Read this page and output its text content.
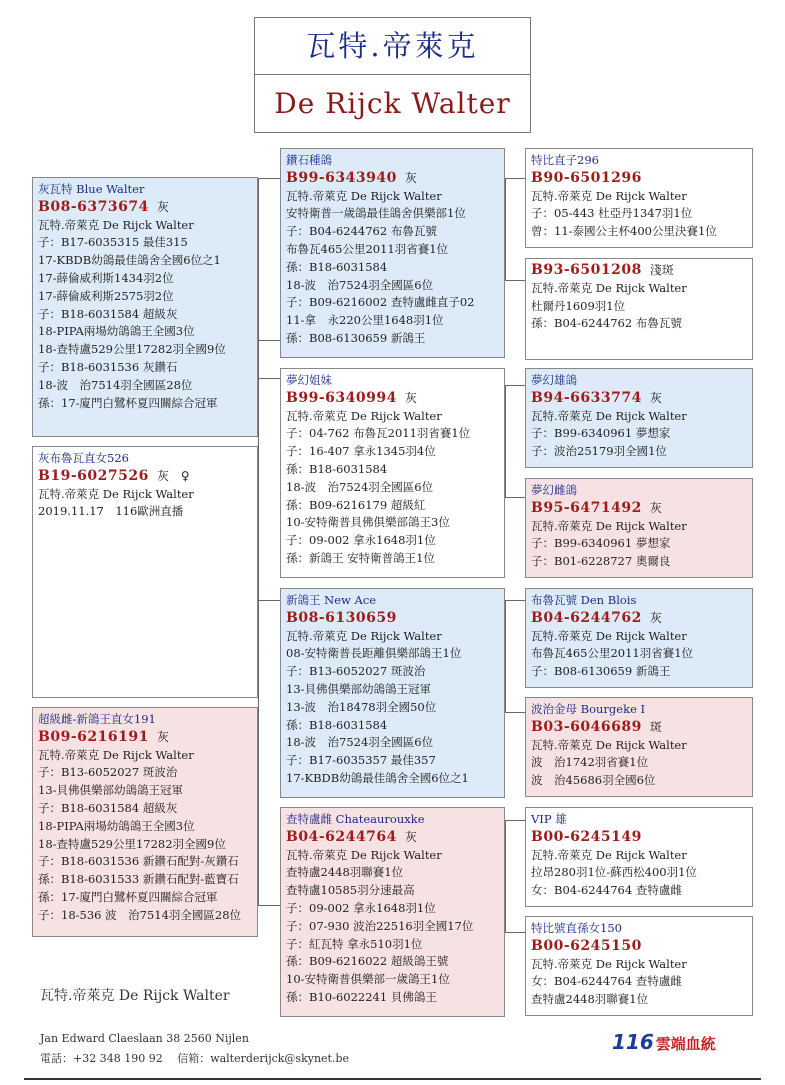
瓦特.帝萊克
De Rijck Walter
灰瓦特 Blue Walter
B08-6373674 灰
瓦特.帝萊克 De Rijck Walter
子：B17-6035315 最佳315
17-KBDB幼鴿最佳鴿舍全國6位之1
17-薛倫威利斯1434羽2位
17-薛倫威利斯2575羽2位
子：B18-6031584 超級灰
18-PIPA兩場幼鴿鴿王全國3位
18-查特盧529公里17282羽全國9位
子：B18-6031536 灰鑽石
18-波　治7514羽全國區28位
孫：17-廈門白鷺杯夏四關綜合冠軍
灰布魯瓦直女526
B19-6027526 灰　♀
瓦特.帝萊克 De Rijck Walter
2019.11.17　116歐洲直播
超級雌-新鴿王直女191
B09-6216191 灰
瓦特.帝萊克 De Rijck Walter
子：B13-6052027 斑波治
13-貝佛俱樂部幼鴿鴿王冠軍
子：B18-6031584 超級灰
18-PIPA兩場幼鴿鴿王全國3位
18-查特盧529公里17282羽全國9位
子：B18-6031536 新鑽石配對-灰鑽石
孫：B18-6031533 新鑽石配對-藍寶石
孫：17-廈門白鷺杯夏四關綜合冠軍
子：18-536 波　治7514羽全國區28位
鑽石種鴿
B99-6343940 灰
瓦特.帝萊克 De Rijck Walter
安特衛普一歲鴿最佳鴿舍俱樂部1位
子：B04-6244762 布魯瓦號
布魯瓦465公里2011羽省賽1位
孫：B18-6031584
18-波　治7524羽全國區6位
子：B09-6216002 查特盧雌直子02
11-拿　永220公里1648羽1位
孫：B08-6130659 新鴿王
夢幻姐妹
B99-6340994 灰
瓦特.帝萊克 De Rijck Walter
子：04-762 布魯瓦2011羽省賽1位
子：16-407 拿永1345羽4位
孫：B18-6031584
18-波　治7524羽全國區6位
孫：B09-6216179 超級紅
10-安特衛普貝佛俱樂部鴿王3位
子：09-002 拿永1648羽1位
孫：新鴿王 安特衛普鴿王1位
新鴿王 New Ace
B08-6130659
瓦特.帝萊克 De Rijck Walter
08-安特衛普長距離俱樂部鴿王1位
子：B13-6052027 斑波治
13-貝佛俱樂部幼鴿鴿王冠軍
13-波　治18478羽全國50位
孫：B18-6031584
18-波　治7524羽全國區6位
子：B17-6035357 最佳357
17-KBDB幼鴿最佳鴿舍全國6位之1
查特盧雌 Chateaurouxke
B04-6244764 灰
瓦特.帝萊克 De Rijck Walter
查特盧2448羽聯賽1位
查特盧10585羽分速最高
子：09-002 拿永1648羽1位
子：07-930 波治22516羽全國17位
子：紅瓦特 拿永510羽1位
孫：B09-6216022 超級鴿王號
10-安特衛普俱樂部一歲鴿王1位
孫：B10-6022241 貝佛鴿王
特比直子296
B90-6501296
瓦特.帝萊克 De Rijck Walter
子：05-443 杜亞丹1347羽1位
曾：11-泰國公主杯400公里決賽1位
B93-6501208 淺斑
瓦特.帝萊克 De Rijck Walter
杜爾丹1609羽1位
孫：B04-6244762 布魯瓦號
夢幻雄鴿
B94-6633774 灰
瓦特.帝萊克 De Rijck Walter
子：B99-6340961 夢想家
子：波治25179羽全國1位
夢幻雌鴿
B95-6471492 灰
瓦特.帝萊克 De Rijck Walter
子：B99-6340961 夢想家
子：B01-6228727 奧爾良
布魯瓦號 Den Blois
B04-6244762 灰
瓦特.帝萊克 De Rijck Walter
布魯瓦465公里2011羽省賽1位
子：B08-6130659 新鴿王
波治金母 Bourgeke I
B03-6046689 斑
瓦特.帝萊克 De Rijck Walter
波　治1742羽省賽1位
波　治45686羽全國6位
VIP 雄
B00-6245149
瓦特.帝萊克 De Rijck Walter
拉昂280羽1位-蘇西松400羽1位
女：B04-6244764 查特盧雌
特比號直孫女150
B00-6245150
瓦特.帝萊克 De Rijck Walter
女：B04-6244764 查特盧雌
查特盧2448羽聯賽1位
瓦特.帝萊克 De Rijck Walter
Jan Edward Claeslaan 38 2560 Nijlen
電話：+32 348 190 92　 信箱：walterderijck@skynet.be
116 雲端血統
